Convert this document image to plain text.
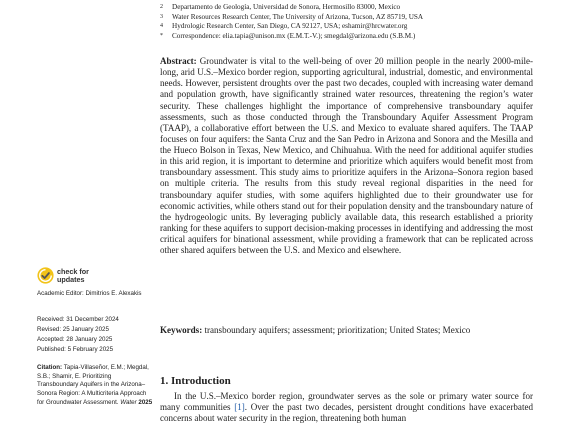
2	Departamento de Geología, Universidad de Sonora, Hermosillo 83000, Mexico
3	Water Resources Research Center, The University of Arizona, Tucson, AZ 85719, USA
4	Hydrologic Research Center, San Diego, CA 92127, USA; eshamir@hrcwater.org
*	Correspondence: elia.tapia@unison.mx (E.M.T.-V.); smegdal@arizona.edu (S.B.M.)
Abstract: Groundwater is vital to the well-being of over 20 million people in the nearly 2000-mile-long, arid U.S.–Mexico border region, supporting agricultural, industrial, domestic, and environmental needs. However, persistent droughts over the past two decades, coupled with increasing water demand and population growth, have significantly strained water resources, threatening the region’s water security. These challenges highlight the importance of comprehensive transboundary aquifer assessments, such as those conducted through the Transboundary Aquifer Assessment Program (TAAP), a collaborative effort between the U.S. and Mexico to evaluate shared aquifers. The TAAP focuses on four aquifers: the Santa Cruz and the San Pedro in Arizona and Sonora and the Mesilla and the Hueco Bolson in Texas, New Mexico, and Chihuahua. With the need for additional aquifer studies in this arid region, it is important to determine and prioritize which aquifers would benefit most from transboundary assessment. This study aims to prioritize aquifers in the Arizona–Sonora region based on multiple criteria. The results from this study reveal regional disparities in the need for transboundary aquifer studies, with some aquifers highlighted due to their groundwater use for economic activities, while others stand out for their population density and the transboundary nature of the hydrogeologic units. By leveraging publicly available data, this research established a priority ranking for these aquifers to support decision-making processes in identifying and addressing the most critical aquifers for binational assessment, while providing a framework that can be replicated across other shared aquifers between the U.S. and Mexico and elsewhere.
Keywords: transboundary aquifers; assessment; prioritization; United States; Mexico
1. Introduction
In the U.S.–Mexico border region, groundwater serves as the sole or primary water source for many communities [1]. Over the past two decades, persistent drought conditions have exacerbated concerns about water security in the region, threatening both human
check for
updates
Academic Editor: Dimitrios E. Alexakis
Received: 31 December 2024
Revised: 25 January 2025
Accepted: 28 January 2025
Published: 5 February 2025
Citation: Tapia-Villaseñor, E.M.; Megdal, S.B.; Shamir, E. Prioritizing Transboundary Aquifers in the Arizona–Sonora Region: A Multicriteria Approach for Groundwater Assessment. Water 2025
